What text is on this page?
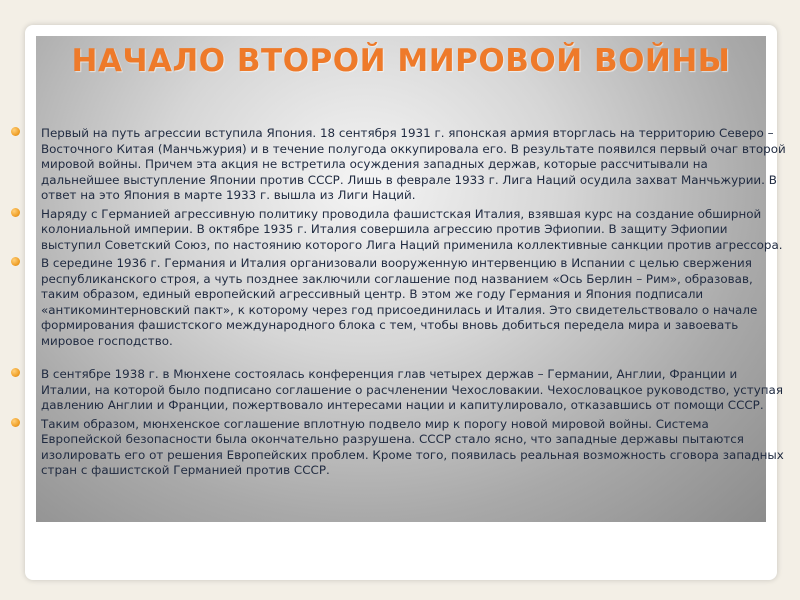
НАЧАЛО ВТОРОЙ МИРОВОЙ ВОЙНЫ
Первый на путь агрессии вступила Япония. 18 сентября 1931 г. японская армия вторглась на территорию Северо – Восточного Китая (Манчьжурия) и в течение полугода оккупировала его. В результате появился первый очаг второй мировой войны. Причем эта акция не встретила осуждения западных держав, которые рассчитывали на дальнейшее выступление Японии против СССР. Лишь в феврале 1933 г. Лига Наций осудила захват Манчьжурии. В ответ на это Япония в марте 1933 г. вышла из Лиги Наций.
Наряду с Германией агрессивную политику проводила фашистская Италия, взявшая курс на создание обширной колониальной империи. В октябре 1935 г. Италия совершила агрессию против Эфиопии. В защиту Эфиопии выступил Советский Союз, по настоянию которого Лига Наций применила коллективные санкции против агрессора.
В середине 1936 г. Германия и Италия организовали вооруженную интервенцию в Испании с целью свержения республиканского строя, а чуть позднее заключили соглашение под названием «Ось Берлин – Рим», образовав, таким образом, единый европейский агрессивный центр. В этом же году Германия и Япония подписали «антикоминтерновский пакт», к которому через год присоединилась и Италия. Это свидетельствовало о начале формирования фашистского международного блока с тем, чтобы вновь добиться передела мира и завоевать мировое господство.
В сентябре 1938 г. в Мюнхене состоялась конференция глав четырех держав – Германии, Англии, Франции и Италии, на которой было подписано соглашение о расчленении Чехословакии. Чехословацкое руководство, уступая давлению Англии и Франции, пожертвовало интересами нации и капитулировало, отказавшись от помощи СССР.
Таким образом, мюнхенское соглашение вплотную подвело мир к порогу новой мировой войны. Система Европейской безопасности была окончательно разрушена. СССР стало ясно, что западные державы пытаются изолировать его от решения Европейских проблем. Кроме того, появилась реальная возможность сговора западных стран с фашистской Германией против СССР.
